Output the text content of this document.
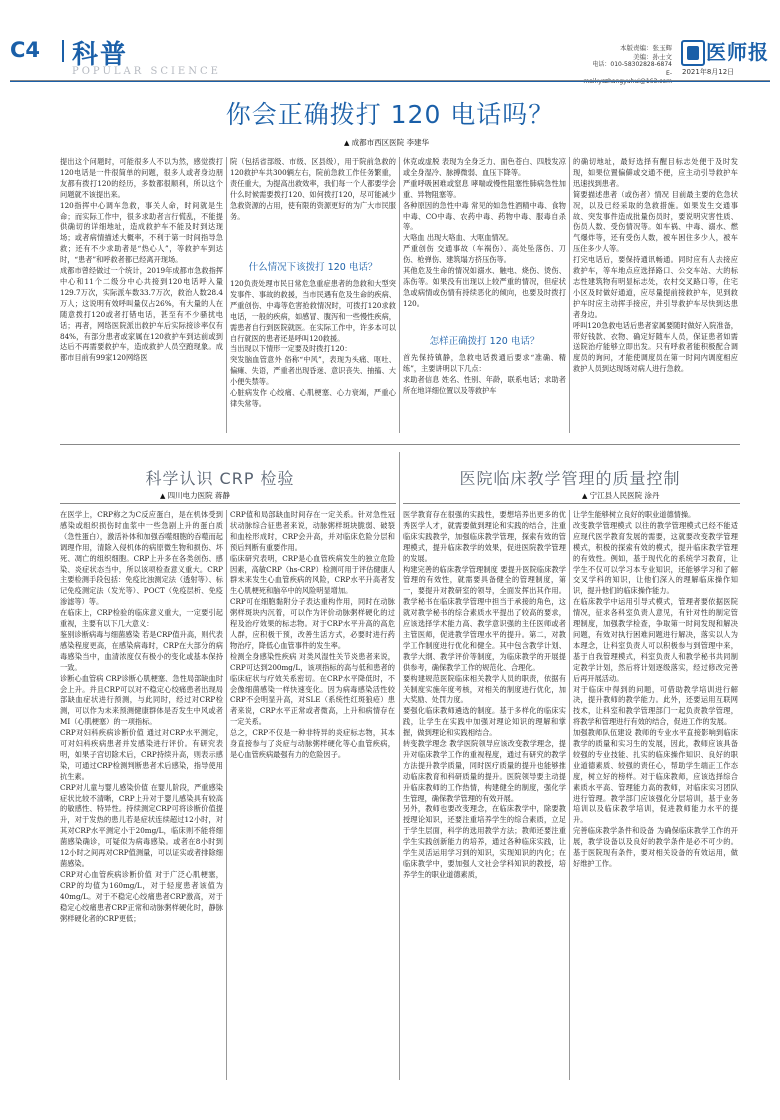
C4 科普
POPULAR SCIENCE
本版责编：张玉辉
美编：孙士文
电话：010-58302828-6874
E-
医师报
2021年8月12日
你会正确拨打 120 电话吗？
▲ 成都市西区医院 李建华
提出这个问题时，可能很多人不以为然，感觉拨打120电话是一件很简单的问题，很多人或者身边朋友都有拨打120的经历，多数都很顺利，所以这个问题就不该提出来。
120指挥中心调车急救，事关人命，时间就是生命；而实际工作中，很多求助者言行慌乱，不能提供确切的详细地址，造成救护车不能及时到达现场；或者病情描述大概率，不利于第一时间指导急救；还有不少求助者是“热心人”，等救护车到达时，“患者”和呼救者都已经离开现场。
成都市曾经做过一个统计，2019年成都市急救指挥中心和11个二级分中心共接到120电话呼入量129.7万次，实际派车数33.7万次，救治人数28.4万人；这说明有效呼叫量仅占26%，有大量的人在随意拨打120或者打错电话，甚至有不少骚扰电话；再者，网络医院派出救护车后实际接诊率仅有84%，有部分患者或家属在120救护车到达前或到达后不再需要救护车，造成救护人员空跑现象。成都市目前有99家120网络医
院（包括省部级、市级、区县级），用于院前急救的120救护车共300辆左右，院前急救工作任务繁重，责任重大，为提高出救效率，我们每一个人都要学会什么时候需要拨打120、如何拨打120，尽可能减少急救资源的占用，使有限的资源更好的为广大市民服务。
什么情况下该拨打 120 电话？
120负责处理市民日常危急重症患者的急救和大型突发事件、事故的救援，当市民遇有危及生命的疾病、严重创伤、中毒等危害抢救情况时，可拨打120求救电话，一般的疾病，如感冒、腹泻和一些慢性疾病，需患者自行到医院就医。在实际工作中，许多本可以自行就医的患者还是呼叫120救援。
当出现以下情形一定要及时拨打120：
突发脑血管意外 俗称“中风”，表现为头痛、呕吐、偏瘫、失语，严重者出现昏迷、意识丧失、抽搐、大小便失禁等。
心脏病发作 心绞痛、心肌梗塞、心力衰竭，严重心律失常等。
休克或虚脱 表现为全身乏力、面色苍白、四肢发凉或全身湿冷、脉搏微弱、血压下降等。
严重呼吸困难或窒息 哮喘或慢性阻塞性肺病急性加重、异物阻塞等。
各种原因的急性中毒 常见的如急性酒精中毒、食物中毒、CO中毒、农药中毒、药物中毒、服毒自杀等。
大咯血 出现大咯血、大呕血情况。
严重创伤 交通事故（车祸伤）、高处坠落伤、刀伤、枪弹伤、建筑塌方挤压伤等。
其他危及生命的情况如溺水、触电、烧伤、烫伤、冻伤等。如果没有出现以上较严重的情况，但症状急或病情或伤情有持续恶化的倾向，也要及时拨打120。
怎样正确拨打 120 电话？
首先保持镇静，急救电话拨通后要求“准确、精练”，主要讲明以下几点：
求助者信息 姓名、性别、年龄，联系电话；求助者所在地详细位置以及等救护车
的确切地址，最好选择有醒目标志处便于及时发现，如果位置偏僻或交通不便，应主动引导救护车迅速找到患者。
简要描述患者（或伤者）情况 目前最主要的危急状况，以及已经采取的急救措施。如果发生交通事故、突发事件造成批量伤员时，要说明灾害性质、伤员人数、受伤情况等。如车祸、中毒、溺水、燃气爆炸等，还有受伤人数，被车困住多少人，被车压住多少人等。
打完电话后，要保持通讯畅通。同时应有人去接应救护车，等车地点应选择路口、公交车站、大的标志性建筑物有明显标志处，农村交叉路口等，住宅小区及时做好通道，应尽量提前接救护车，见到救护车时应主动挥手接应，并引导救护车尽快到达患者身边。
呼叫120急救电话后患者家属要随时做好入院准备，带好钱款、衣物、确定好随车人员，保证患者如需送院治疗能够立即出发。只有呼救者能积极配合调度员的询问，才能使调度员在第一时间内调度相应救护人员到达现场对病人进行急救。
科学认识 CRP 检验
▲ 四川电力医院 蒋静
在医学上，CRP称之为C反应蛋白，是在机体受到感染或组织损伤时血浆中一些急剧上升的蛋白质（急性蛋白），激活补体和加强吞噬细胞的吞噬而起调理作用，清除入侵机体的病原微生物和损伤、坏死、凋亡的组织细胞。CRP上升多在各类创伤、感染、炎症状态当中，所以该项检查意义重大。CRP主要检测手段包括：免疫比浊测定法（透射等）、标记免疫测定法（发光等）、POCT（免疫层析、免疫渗滤等）等。
在临床上，CRP检验的临床意义重大，一定要引起重视，主要有以下几大意义：
鉴别诊断病毒与细菌感染 若是CRP值升高，则代表感染程度更高，在感染病毒时，CRP在大部分的病毒感染当中，血清浓度仅有极小的变化或基本保持一致。
诊断心血管病 CRP诊断心肌梗塞、急性局部缺血时会上升。并且CRP可以对不稳定心绞痛患者出现局部缺血症状进行预测，与此同时，经过对CRP检测，可以作为未来预测健康群体是否发生中风或者MI（心肌梗塞）的一项指标。
CRP对妇科疾病诊断价值 通过对CRP水平测定，可对妇科疾病患者并发感染进行评价。有研究表明，如果子宫切除术后，CRP持续升高，则表示感染，可通过CRP检测判断患者术后感染，指导使用抗生素。
CRP对儿童与婴儿感染价值 在婴儿阶段，严重感染症状比较不清晰，CRP上升对于婴儿感染具有较高的敏感性、特异性。持续测定CRP可将诊断价值提升，对于发热的患儿若是症状连续超过12小时，对其对CRP水平测定小于20mg/L，临床则不能将细菌感染确诊，可疑似为病毒感染。或者在8小时到12小时之间再对CRP值测量，可以证实或者排除细菌感染。
CRP对心血管疾病诊断价值 对于广泛心肌梗塞，CRP的均值为160mg/L，对于轻度患者该值为40mg/L。对于不稳定心绞痛患者CRP激高，对于稳定心绞痛患者CRP正常和动脉粥样硬化时，静脉粥样硬化者的CRP更低；
CRP值和局部缺血时间存在一定关系。针对急性冠状动脉综合征患者来说，动脉粥样斑块脆弱、破裂和血栓形成时，CRP会升高，并对临床危险分层和预后判断有重要作用。
临床研究表明，CRP是心血管疾病发生的独立危险因素，高敏CRP（hs-CRP）检测可用于评估健康人群未来发生心血管疾病的风险，CRP水平升高者发生心肌梗死和脑卒中的风险明显增加。
CRP可在细胞黏附分子表达重构作用，同时在动脉粥样斑块内沉着，可以作为评价动脉粥样硬化的过程及治疗效果的标志物。对于CRP水平升高的高危人群，应积极干预，改善生活方式，必要时进行药物治疗，降低心血管事件的发生率。
检测全身感染性疾病 对类风湿性关节炎患者来说，CRP可达到200mg/L，该项指标的高与低和患者的临床症状与疗效关系密切。在CRP水平降低时，不会像细菌感染一样快速变化。因为病毒感染活性较CRP不会明显升高，对SLE（系统性红斑狼疮）患者来说，CRP水平正常或者微高，上升和病情存在一定关系。
总之，CRP不仅是一种非特异的炎症标志物，其本身直接参与了炎症与动脉粥样硬化等心血管疾病，是心血管疾病最强有力的危险因子。
医院临床教学管理的质量控制
▲ 宁江县人民医院 涂丹
医学教育存在很强的实践性，要想培养出更多的优秀医学人才，就需要做到理论和实践的结合，注重临床实践教学，加强临床教学管理，探索有效的管理模式，提升临床教学的效果，促进医院教学管理的发展。
构建完善的临床教学管理制度 要提升医院临床教学管理的有效性，就需要具备健全的管理制度，第一，要提升对教研室的领导，全面发挥出其作用。教学秘书在临床教学管理中担当于承接的角色，这就对教学秘书的综合素质水平提出了较高的要求，应该选择学术能力高、教学意识强的主任医师或者主管医师，促进教学管理水平的提升。第二，对教学工作制度进行优化和健全。其中包含教学计划、教学大纲、教学评价等制度，为临床教学的开展提供参考，确保教学工作的规范化、合理化。
要构建规范医院临床相关教学人员的职责，依据有关制度实施年度考核，对相关的制度进行优化，加大奖励、处罚力度。
要强化临床教师遴选的制度。基于多样化的临床实践，让学生在实践中加强对理论知识的理解和掌握，做到理论和实践相结合。
转变教学理念 教学医院领导应该改变教学理念，提升对临床教学工作的重视程度，通过有研究的教学方法提升教学质量，同时医疗质量的提升也能够推动临床教育和科研质量的提升。医院领导要主动提升临床教师的工作热情，构建健全的制度，强化学生管理，确保教学管理的有效开展。
另外，教师也要改变理念，在临床教学中，除要教授理论知识，还要注重培养学生的综合素质，立足于学生层面，科学的选用教学方法；教师还要注重学生实践创新能力的培养，通过各种临床实践，让学生灵活运用学习到的知识，实现知识的内化；在临床教学中，要加强人文社会学科知识的教授，培养学生的职业道德素质，
让学生能够树立良好的职业道德情操。
改变教学管理模式 以往的教学管理模式已经不能适应现代医学教育发展的需要，这就要改变教学管理模式，积极的探索有效的模式，提升临床教学管理的有效性。例如，基于现代化的系统学习教育，让学生不仅可以学习本专业知识，还能够学习和了解交叉学科的知识，让他们深入的理解临床操作知识，提升他们的临床操作能力。
在临床教学中运用引导式模式，管理者要依据医院情况，征求各科室负责人意见，有针对性的制定管理制度，加强教学检查，争取第一时间发现和解决问题，有效对执行困难问题进行解决，落实以人为本理念，让科室负责人可以积极参与到管理中来，基于自我管理模式，科室负责人和教学秘书共同制定教学计划，然后将计划逐级落实，经过修改完善后再开展活动。
对于临床中得到的问题，可借助教学培训进行解决，提升教师的教学能力。此外，还要运用互联网技术，让科室和教学管理部门一起负责教学管理，将教学和管理进行有效的结合，促进工作的发展。
加强教师队伍建设 教师的专业水平直接影响到临床教学的质量和实习生的发展，因此，教师应该具备较强的专业技能、扎实的临床操作知识、良好的职业道德素质、较强的责任心，帮助学生端正工作态度，树立好的榜样。对于临床教师，应该选择综合素质水平高、管理能力高的教师，对临床实习团队进行管理。教学部门应该强化分层培训，基于业务培训以及临床教学培训，促进教师能力水平的提升。
完善临床教学条件和设备 为确保临床教学工作的开展，教学设备以及良好的教学条件是必不可少的。基于医院现有条件，要对相关设备的有效运用，做好维护工作。
